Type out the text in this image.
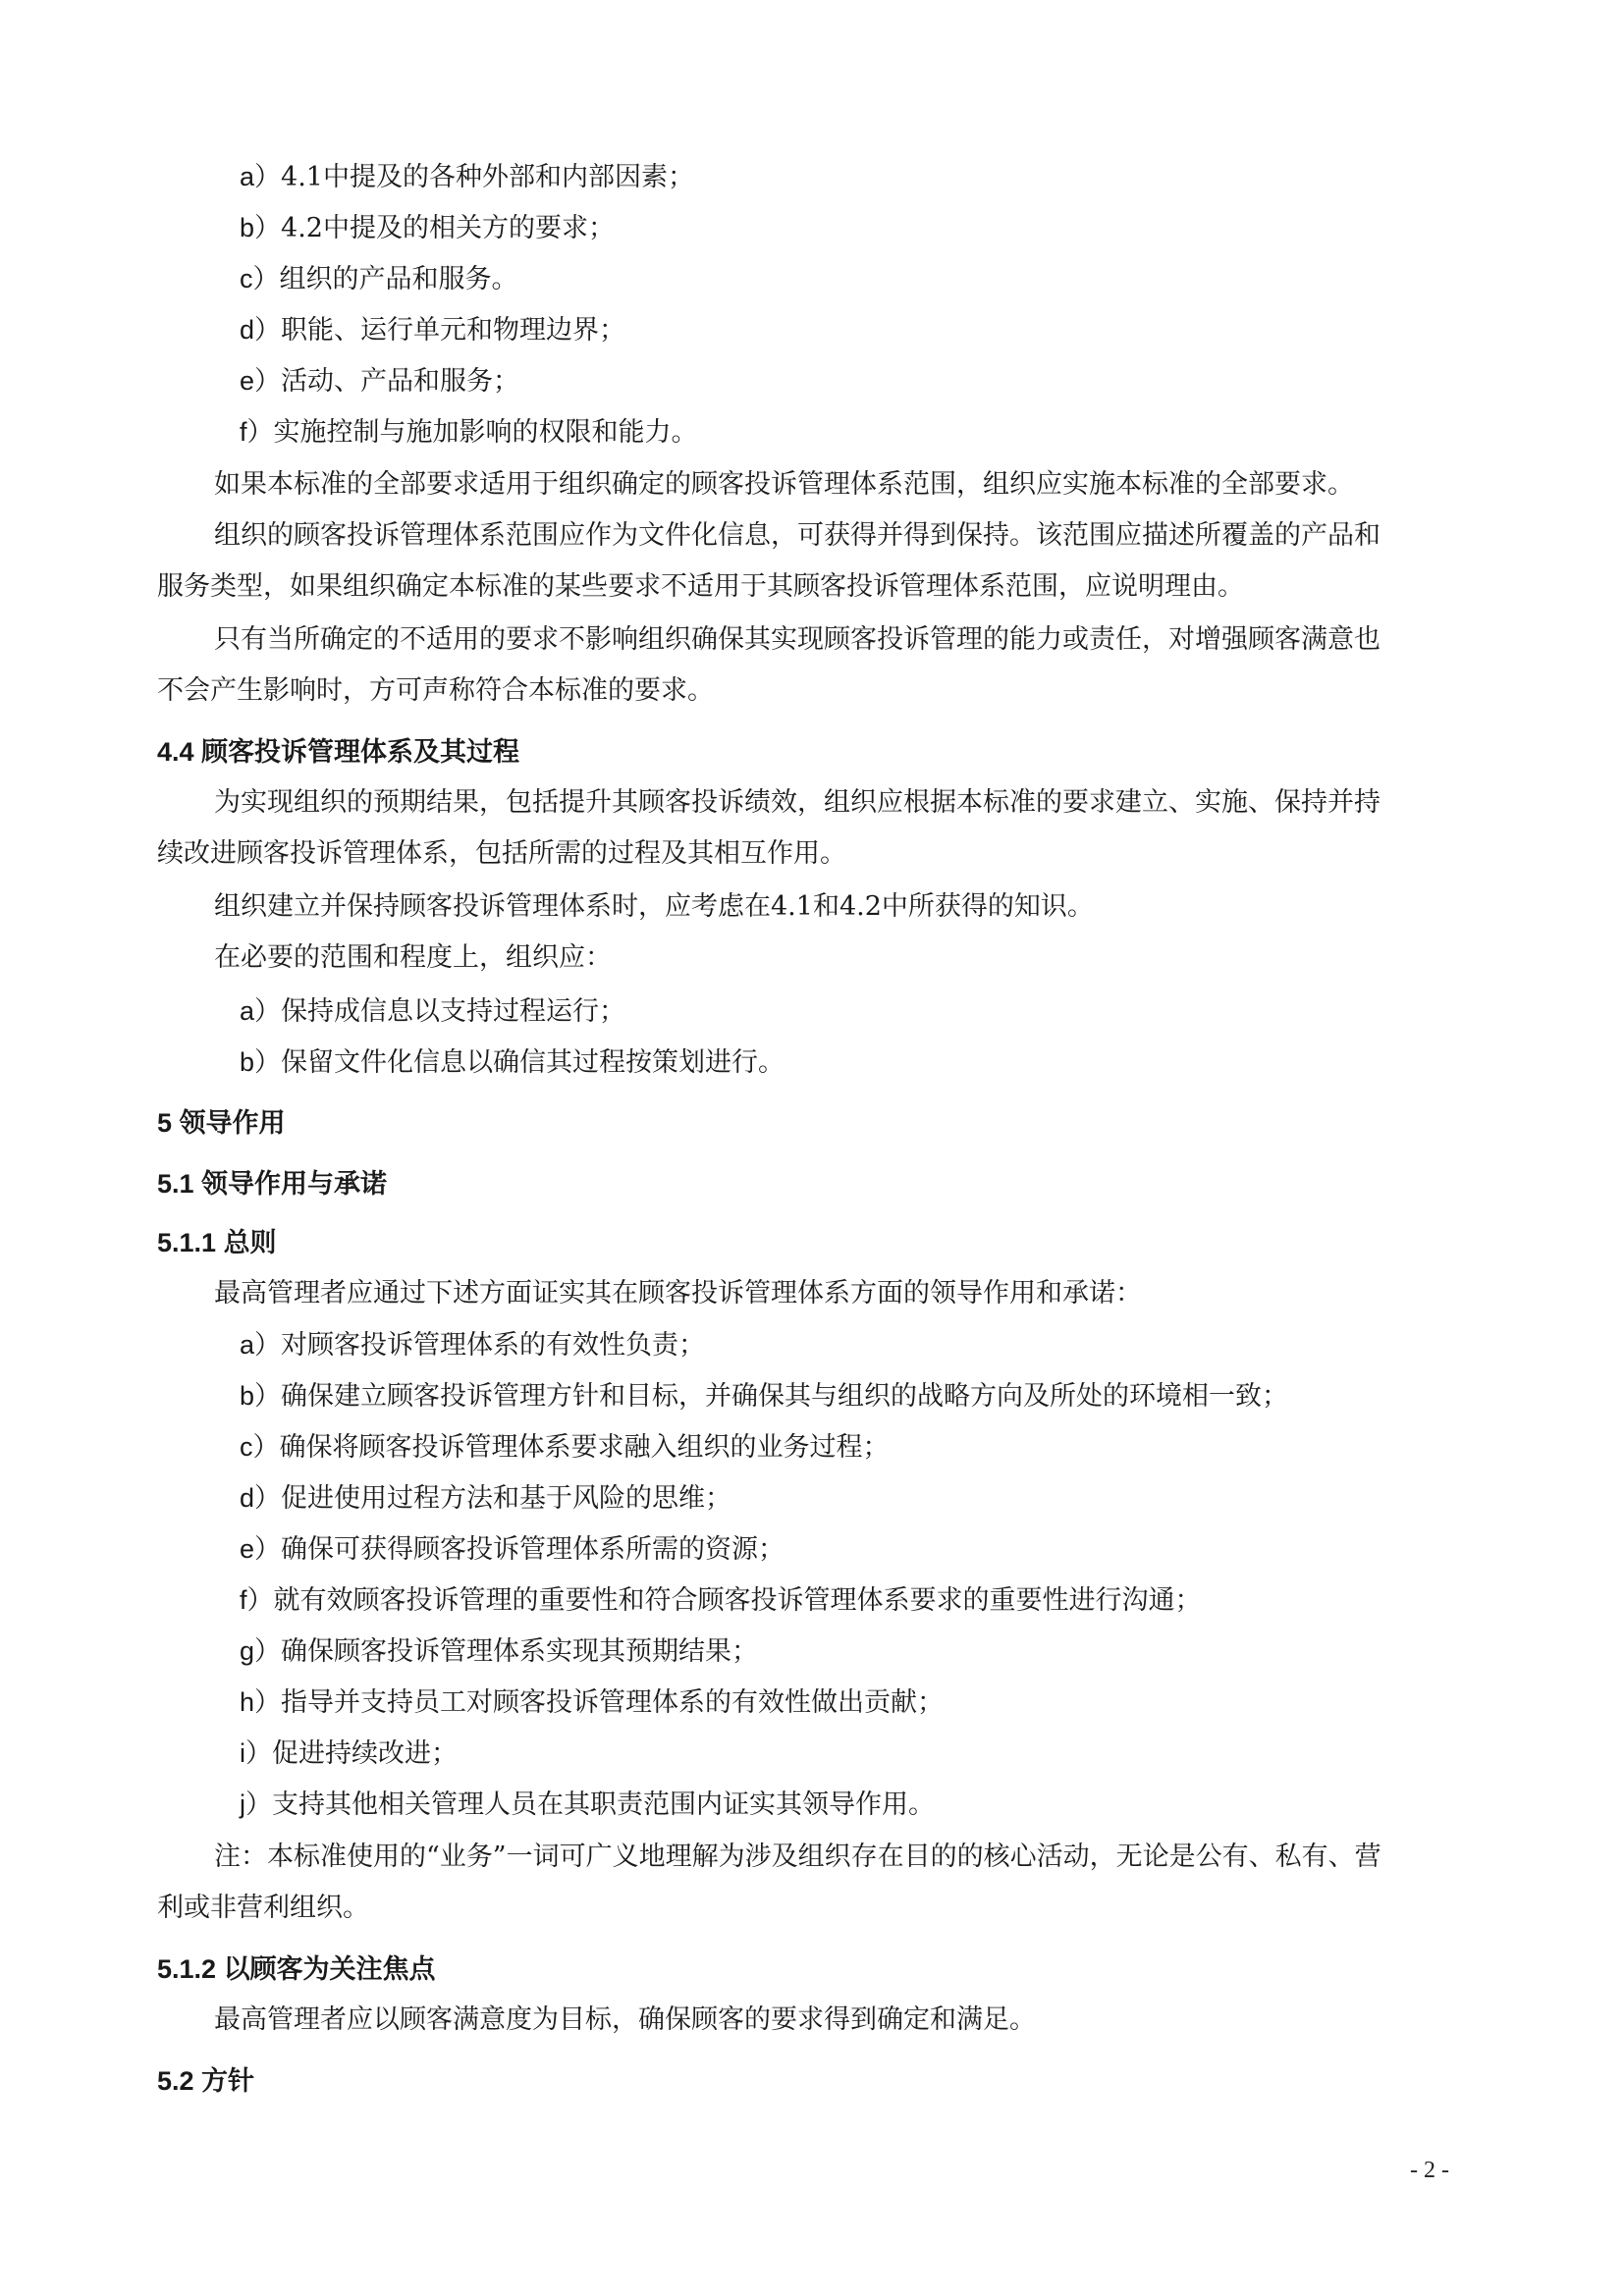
a）4.1中提及的各种外部和内部因素；
b）4.2中提及的相关方的要求；
c）组织的产品和服务。
d）职能、运行单元和物理边界；
e）活动、产品和服务；
f）实施控制与施加影响的权限和能力。
如果本标准的全部要求适用于组织确定的顾客投诉管理体系范围，组织应实施本标准的全部要求。
组织的顾客投诉管理体系范围应作为文件化信息，可获得并得到保持。该范围应描述所覆盖的产品和
服务类型，如果组织确定本标准的某些要求不适用于其顾客投诉管理体系范围，应说明理由。
只有当所确定的不适用的要求不影响组织确保其实现顾客投诉管理的能力或责任，对增强顾客满意也
不会产生影响时，方可声称符合本标准的要求。
4.4 顾客投诉管理体系及其过程
为实现组织的预期结果，包括提升其顾客投诉绩效，组织应根据本标准的要求建立、实施、保持并持
续改进顾客投诉管理体系，包括所需的过程及其相互作用。
组织建立并保持顾客投诉管理体系时，应考虑在4.1和4.2中所获得的知识。
在必要的范围和程度上，组织应：
a）保持成信息以支持过程运行；
b）保留文件化信息以确信其过程按策划进行。
5 领导作用
5.1 领导作用与承诺
5.1.1 总则
最高管理者应通过下述方面证实其在顾客投诉管理体系方面的领导作用和承诺：
a）对顾客投诉管理体系的有效性负责；
b）确保建立顾客投诉管理方针和目标，并确保其与组织的战略方向及所处的环境相一致；
c）确保将顾客投诉管理体系要求融入组织的业务过程；
d）促进使用过程方法和基于风险的思维；
e）确保可获得顾客投诉管理体系所需的资源；
f）就有效顾客投诉管理的重要性和符合顾客投诉管理体系要求的重要性进行沟通；
g）确保顾客投诉管理体系实现其预期结果；
h）指导并支持员工对顾客投诉管理体系的有效性做出贡献；
i）促进持续改进；
j）支持其他相关管理人员在其职责范围内证实其领导作用。
注：本标准使用的“业务”一词可广义地理解为涉及组织存在目的的核心活动，无论是公有、私有、营
利或非营利组织。
5.1.2 以顾客为关注焦点
最高管理者应以顾客满意度为目标，确保顾客的要求得到确定和满足。
5.2 方针
- 2 -
